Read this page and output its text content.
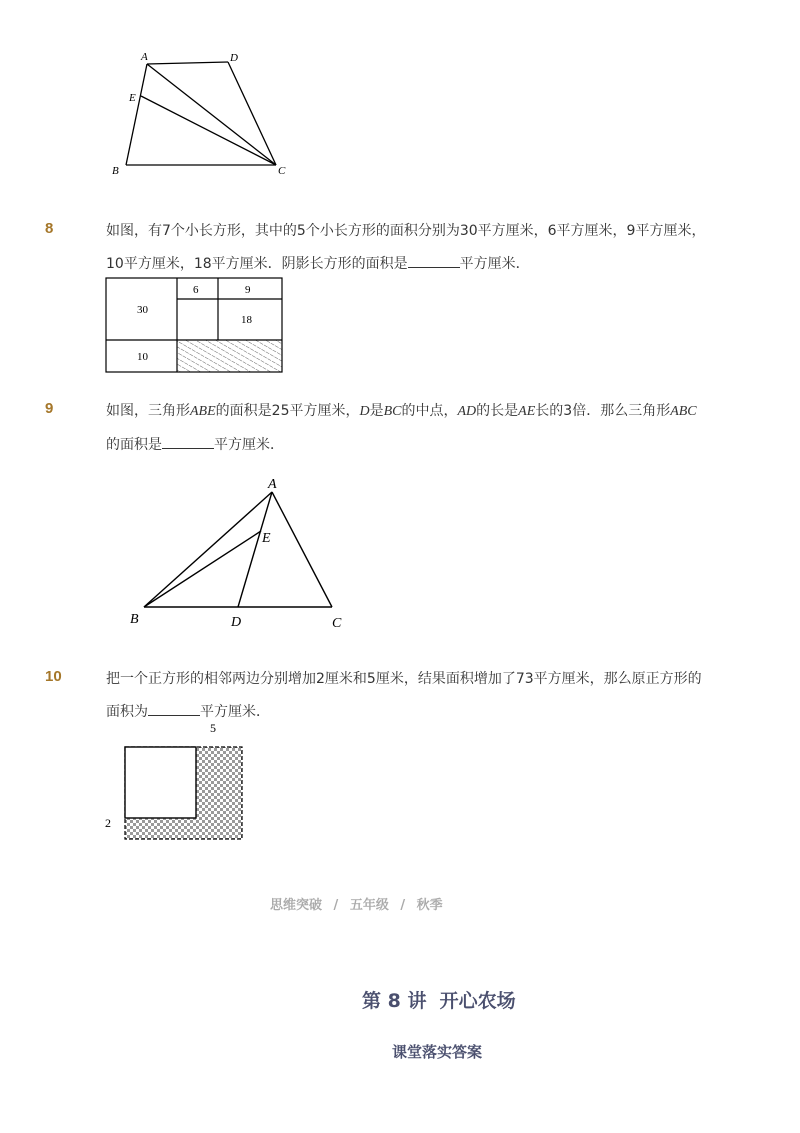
A	D
E
B	C
8	如图，有7个小长方形，其中的5个小长方形的面积分别为30平方厘米，6平方厘米，9平方厘米，
10平方厘米，18平方厘米．阴影长方形的面积是	平方厘米．
30
6	9
18
10
9	如图，三角形ABE的面积是25平方厘米，D是BC的中点，AD的长是AE长的3倍．那么三角形ABC
的面积是	平方厘米．
A
E
B	D	C
10	把一个正方形的相邻两边分别增加2厘米和5厘米，结果面积增加了73平方厘米，那么原正方形的
面积为	平方厘米．
5
2
思维突破 / 五年级 / 秋季
第 8 讲  开心农场
课堂落实答案
